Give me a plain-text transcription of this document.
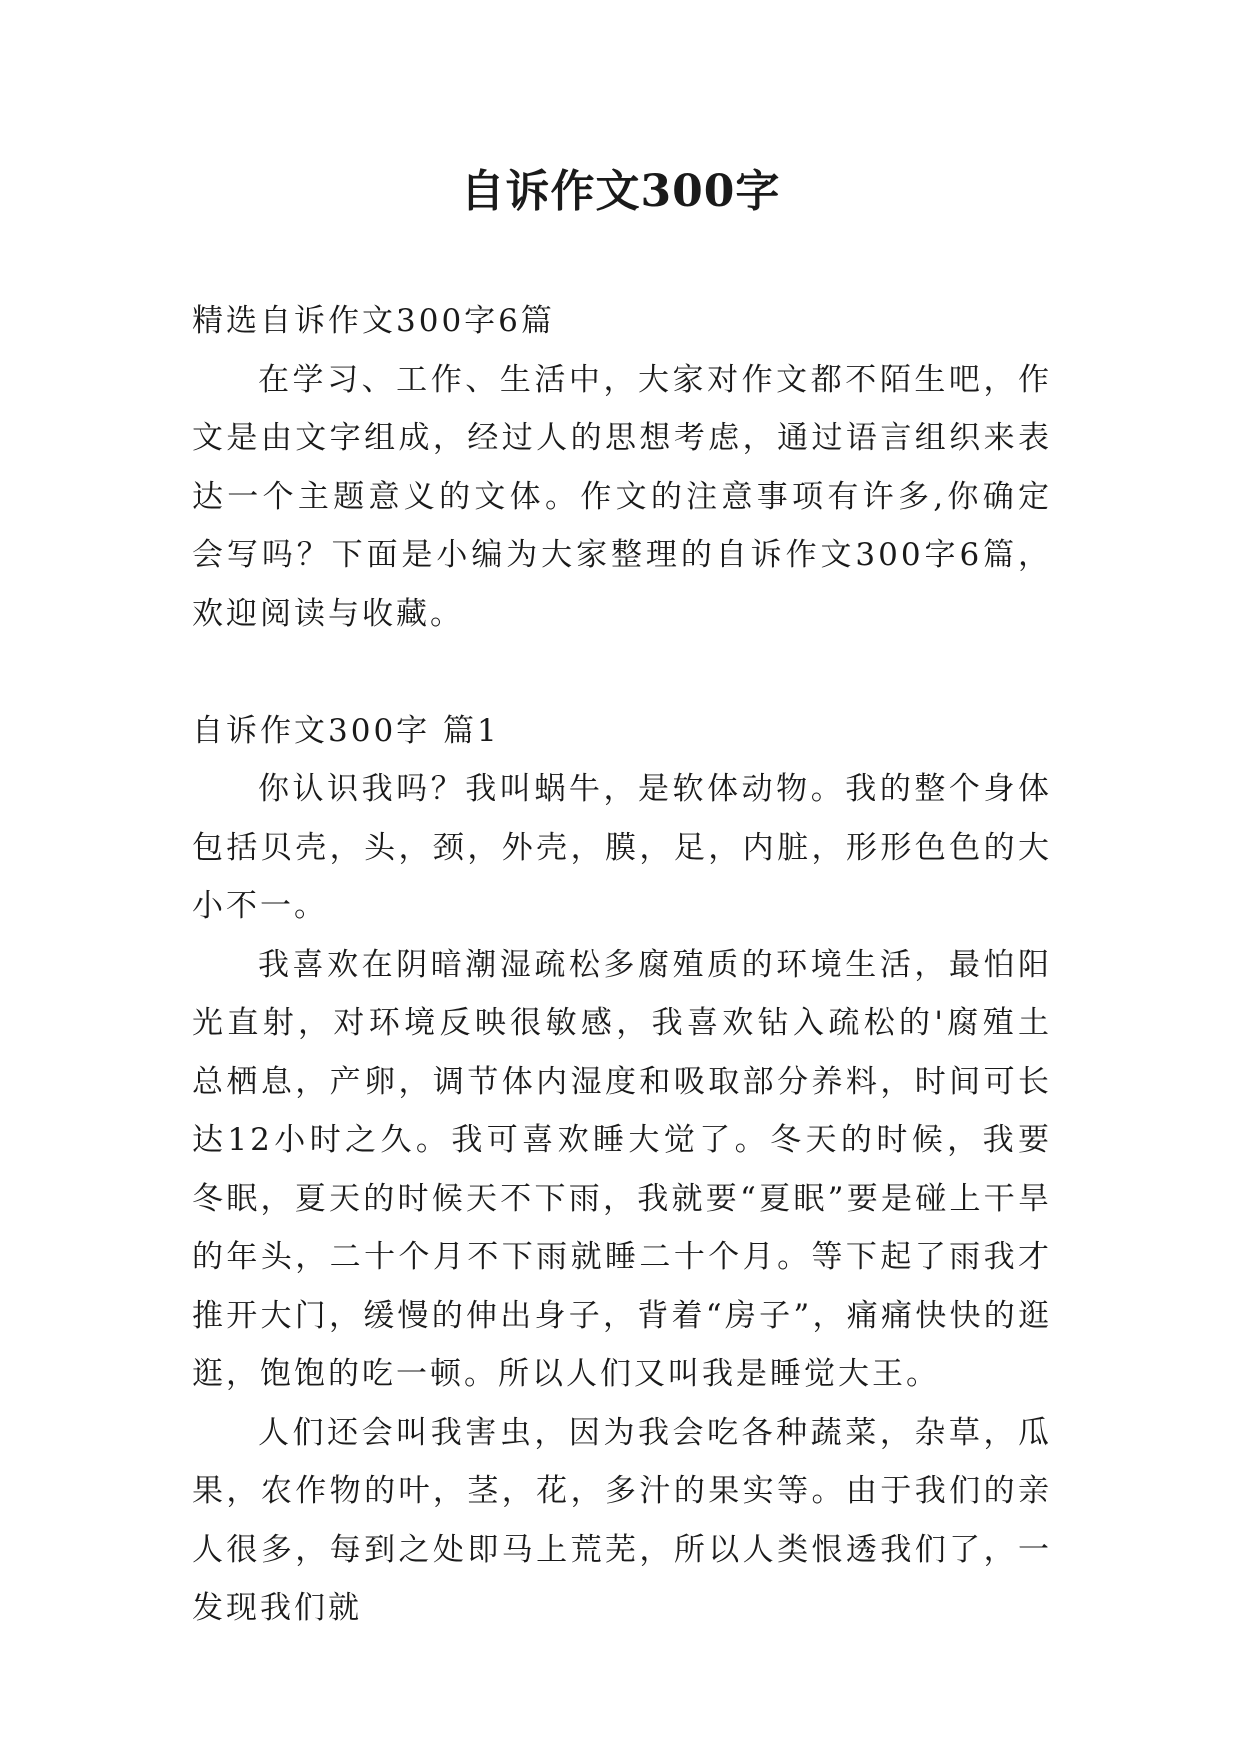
自诉作文300字

精选自诉作文300字6篇

在学习、工作、生活中，大家对作文都不陌生吧，作文是由文字组成，经过人的思想考虑，通过语言组织来表达一个主题意义的文体。作文的注意事项有许多,你确定会写吗？下面是小编为大家整理的自诉作文300字6篇，欢迎阅读与收藏。

自诉作文300字 篇1

你认识我吗？我叫蜗牛，是软体动物。我的整个身体包括贝壳，头，颈，外壳，膜，足，内脏，形形色色的大小不一。

我喜欢在阴暗潮湿疏松多腐殖质的环境生活，最怕阳光直射，对环境反映很敏感，我喜欢钻入疏松的'腐殖土总栖息，产卵，调节体内湿度和吸取部分养料，时间可长达12小时之久。我可喜欢睡大觉了。冬天的时候，我要冬眠，夏天的时候天不下雨，我就要“夏眠”要是碰上干旱的年头，二十个月不下雨就睡二十个月。等下起了雨我才推开大门，缓慢的伸出身子，背着“房子”，痛痛快快的逛逛，饱饱的吃一顿。所以人们又叫我是睡觉大王。

人们还会叫我害虫，因为我会吃各种蔬菜，杂草，瓜果，农作物的叶，茎，花，多汁的果实等。由于我们的亲人很多，每到之处即马上荒芜，所以人类恨透我们了，一发现我们就
